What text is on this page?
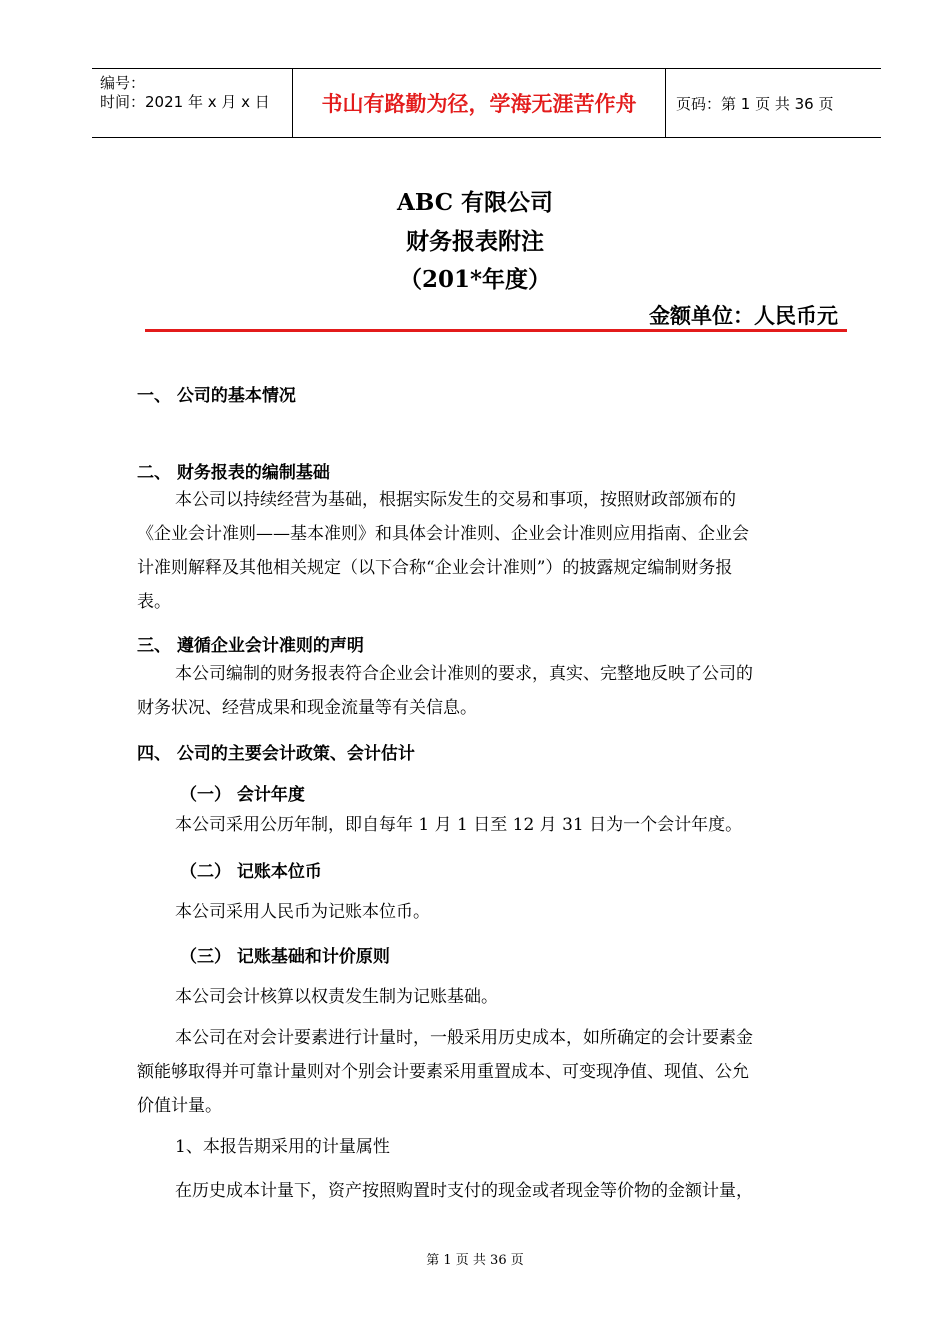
编号：
时间：2021 年 x 月 x 日	书山有路勤为径，学海无涯苦作舟	页码：第 1 页 共 36 页
ABC 有限公司
财务报表附注
（201*年度）
金额单位：人民币元
一、 公司的基本情况
二、 财务报表的编制基础
本公司以持续经营为基础，根据实际发生的交易和事项，按照财政部颁布的
《企业会计准则——基本准则》和具体会计准则、企业会计准则应用指南、企业会
计准则解释及其他相关规定（以下合称“企业会计准则”）的披露规定编制财务报
表。
三、 遵循企业会计准则的声明
本公司编制的财务报表符合企业会计准则的要求，真实、完整地反映了公司的
财务状况、经营成果和现金流量等有关信息。
四、 公司的主要会计政策、会计估计
（一） 会计年度
本公司采用公历年制，即自每年 1 月 1 日至 12 月 31 日为一个会计年度。
（二） 记账本位币
本公司采用人民币为记账本位币。
（三） 记账基础和计价原则
本公司会计核算以权责发生制为记账基础。
本公司在对会计要素进行计量时，一般采用历史成本，如所确定的会计要素金
额能够取得并可靠计量则对个别会计要素采用重置成本、可变现净值、现值、公允
价值计量。
1、本报告期采用的计量属性
在历史成本计量下，资产按照购置时支付的现金或者现金等价物的金额计量，
第 1 页 共 36 页
